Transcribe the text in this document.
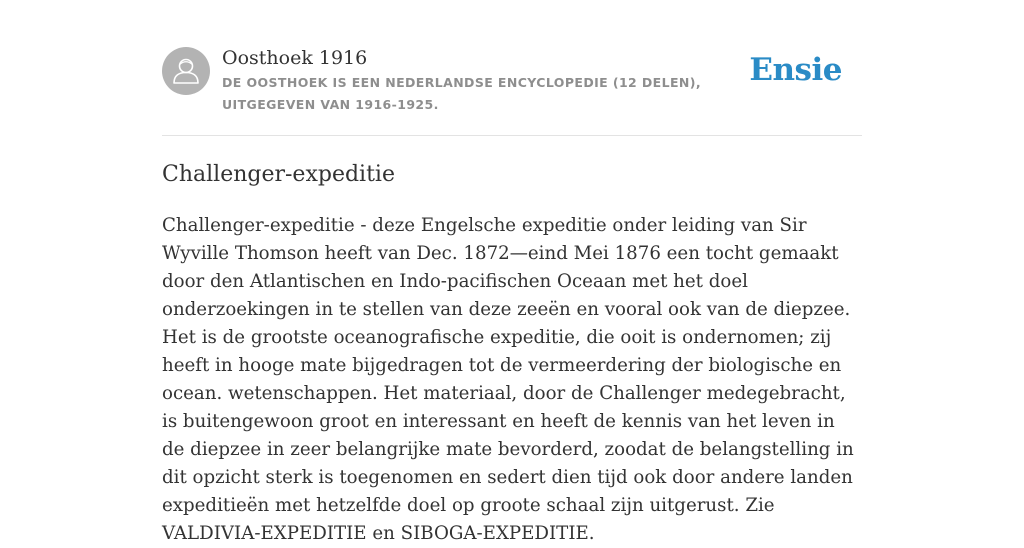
Oosthoek 1916
DE OOSTHOEK IS EEN NEDERLANDSE ENCYCLOPEDIE (12 DELEN), UITGEGEVEN VAN 1916-1925.
Ensie
Challenger-expeditie

Challenger-expeditie - deze Engelsche expeditie onder leiding van Sir Wyville Thomson heeft van Dec. 1872—eind Mei 1876 een tocht gemaakt door den Atlantischen en Indo-pacifischen Oceaan met het doel onderzoekingen in te stellen van deze zeeën en vooral ook van de diepzee. Het is de grootste oceanografische expeditie, die ooit is ondernomen; zij heeft in hooge mate bijgedragen tot de vermeerdering der biologische en ocean. wetenschappen. Het materiaal, door de Challenger medegebracht, is buitengewoon groot en interessant en heeft de kennis van het leven in de diepzee in zeer belangrijke mate bevorderd, zoodat de belangstelling in dit opzicht sterk is toegenomen en sedert dien tijd ook door andere landen expeditieën met hetzelfde doel op groote schaal zijn uitgerust. Zie VALDIVIA-EXPEDITIE en SIBOGA-EXPEDITIE.
